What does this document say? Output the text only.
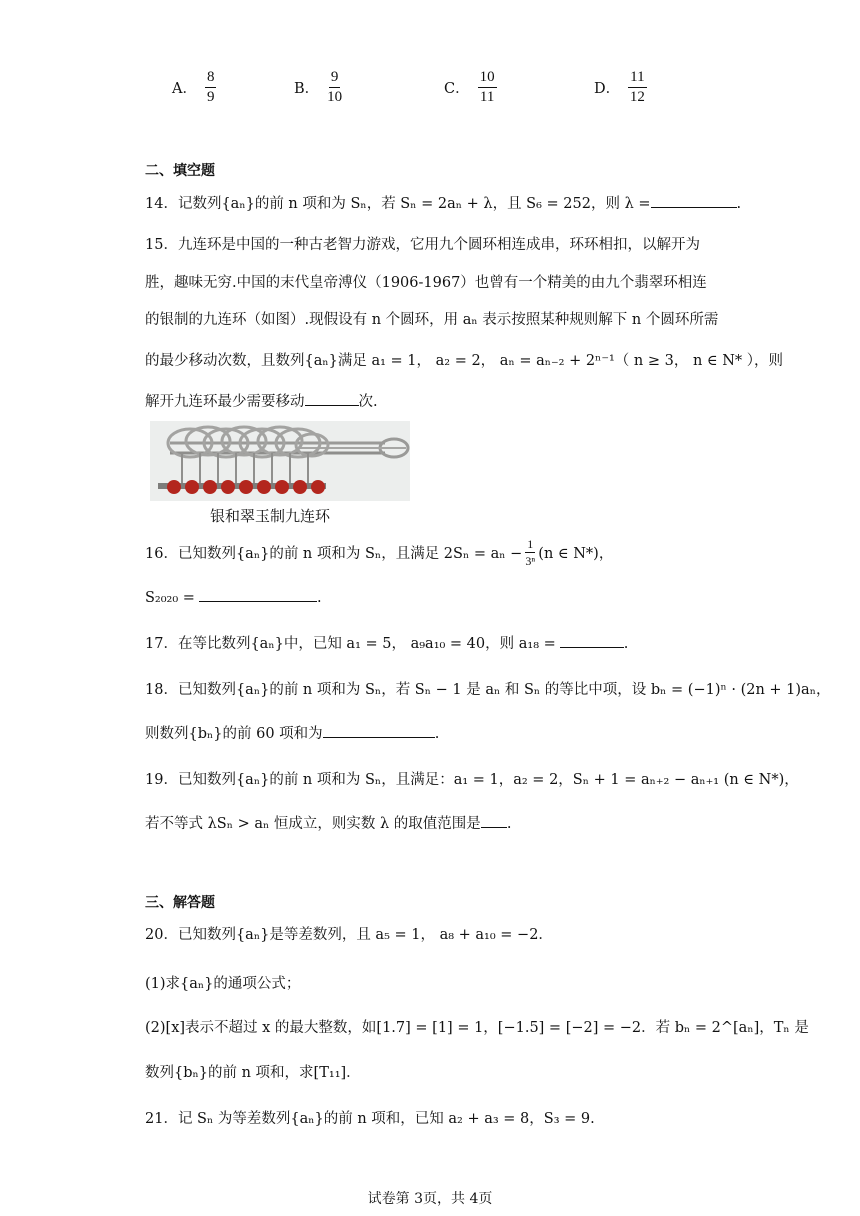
A． $\frac{8}{9}$	B． $\frac{9}{10}$	C． $\frac{10}{11}$	D． $\frac{11}{12}$
二、填空题
14．记数列{aₙ}的前 n 项和为 Sₙ，若 Sₙ = 2aₙ + λ，且 S₆ = 252，则 λ =	.
15．九连环是中国的一种古老智力游戏，它用九个圆环相连成串，环环相扣，以解开为
胜，趣味无穷.中国的末代皇帝溥仪（1906-1967）也曾有一个精美的由九个翡翠环相连
的银制的九连环（如图）.现假设有 n 个圆环，用 aₙ 表示按照某种规则解下 n 个圆环所需
的最少移动次数，且数列{aₙ}满足 a₁ = 1， a₂ = 2， aₙ = aₙ₋₂ + 2ⁿ⁻¹（ n ≥ 3， n ∈ N* ），则
解开九连环最少需要移动	次.
银和翠玉制九连环
16．已知数列{aₙ}的前 n 项和为 Sₙ，且满足 $2S_n = a_n - \frac{1}{\text{3ⁿ}} (n$ ∈ N*)，
S₂₀₂₀ =	.
17．在等比数列{aₙ}中，已知 a₁ = 5， a₉a₁₀ = 40，则 a₁₈ =	.
18．已知数列{aₙ}的前 n 项和为 Sₙ，若 Sₙ − 1 是 aₙ 和 Sₙ 的等比中项，设 bₙ = (−1)ⁿ · (2n + 1)aₙ，
则数列{bₙ}的前 60 项和为	.
19．已知数列{aₙ}的前 n 项和为 Sₙ，且满足：a₁ = 1，a₂ = 2，Sₙ + 1 = aₙ₊₂ − aₙ₊₁ (n ∈ N*)，
若不等式 λSₙ > aₙ 恒成立，则实数 λ 的取值范围是 .
三、解答题
20．已知数列{aₙ}是等差数列，且 a₅ = 1， a₈ + a₁₀ = −2．
(1)求{aₙ}的通项公式；
(2)[x]表示不超过 x 的最大整数，如[1.7] = [1] = 1，[−1.5] = [−2] = −2．若 bₙ = 2^[aₙ]，Tₙ 是
数列{bₙ}的前 n 项和，求[T₁₁]．
21．记 Sₙ 为等差数列{aₙ}的前 n 项和，已知 a₂ + a₃ = 8，S₃ = 9.
试卷第 3页，共 4页
